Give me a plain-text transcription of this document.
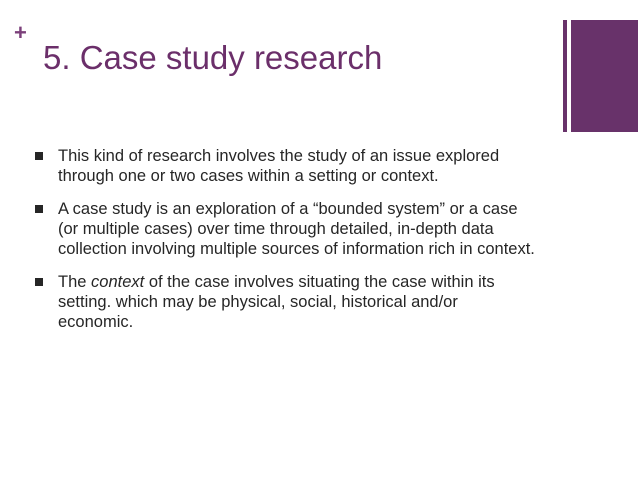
+
5. Case study research
This kind of research involves the study of an issue explored through one or two cases within a setting or context.
A case study is an exploration of a “bounded system” or a case (or multiple cases) over time through detailed, in-depth data collection involving multiple sources of information rich in context.
The context of the case involves situating the case within its setting. which may be physical, social, historical and/or economic.
